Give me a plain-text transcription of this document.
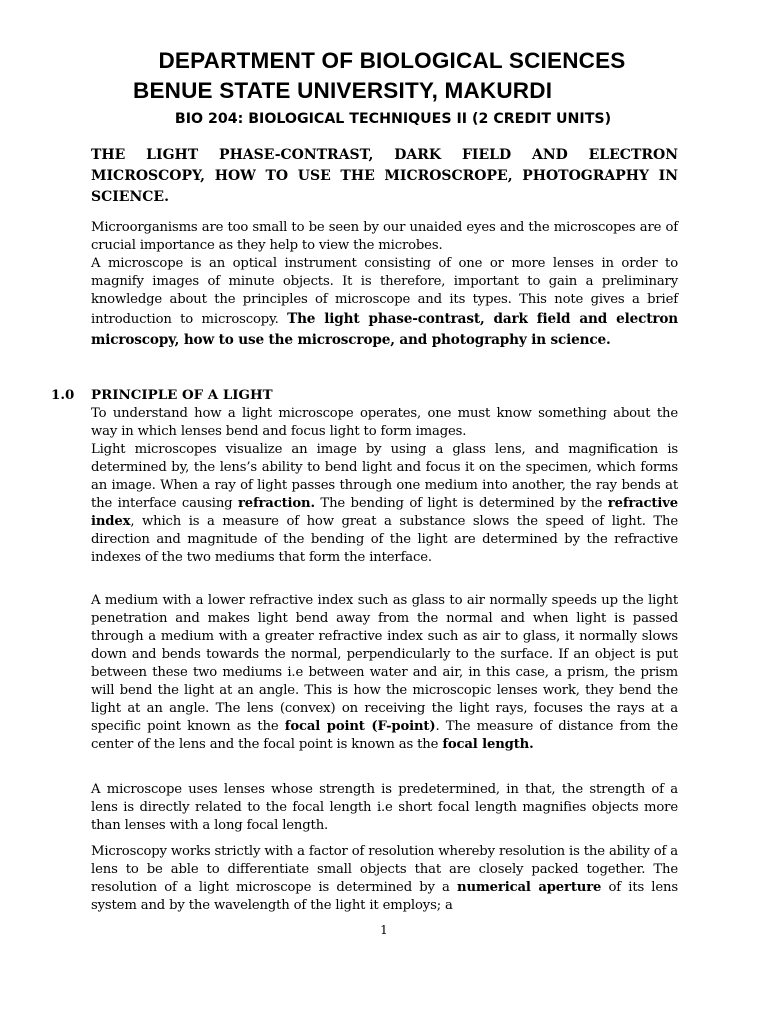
DEPARTMENT OF BIOLOGICAL SCIENCES
BENUE STATE UNIVERSITY, MAKURDI
BIO 204: BIOLOGICAL TECHNIQUES II (2 CREDIT UNITS)
THE LIGHT PHASE-CONTRAST, DARK FIELD AND ELECTRON MICROSCOPY, HOW TO USE THE MICROSCROPE, PHOTOGRAPHY IN SCIENCE.

Microorganisms are too small to be seen by our unaided eyes and the microscopes are of crucial importance as they help to view the microbes.

A microscope is an optical instrument consisting of one or more lenses in order to magnify images of minute objects. It is therefore, important to gain a preliminary knowledge about the principles of microscope and its types. This note gives a brief introduction to microscopy. The light phase-contrast, dark field and electron microscopy, how to use the microscrope, and photography in science.

1.0 PRINCIPLE OF A LIGHT
To understand how a light microscope operates, one must know something about the way in which lenses bend and focus light to form images.
Light microscopes visualize an image by using a glass lens, and magnification is determined by, the lens’s ability to bend light and focus it on the specimen, which forms an image. When a ray of light passes through one medium into another, the ray bends at the interface causing refraction. The bending of light is determined by the refractive index, which is a measure of how great a substance slows the speed of light. The direction and magnitude of the bending of the light are determined by the refractive indexes of the two mediums that form the interface.
A medium with a lower refractive index such as glass to air normally speeds up the light penetration and makes light bend away from the normal and when light is passed through a medium with a greater refractive index such as air to glass, it normally slows down and bends towards the normal, perpendicularly to the surface. If an object is put between these two mediums i.e between water and air, in this case, a prism, the prism will bend the light at an angle. This is how the microscopic lenses work, they bend the light at an angle. The lens (convex) on receiving the light rays, focuses the rays at a specific point known as the focal point (F-point). The measure of distance from the center of the lens and the focal point is known as the focal length.
A microscope uses lenses whose strength is predetermined, in that, the strength of a lens is directly related to the focal length i.e short focal length magnifies objects more than lenses with a long focal length.
Microscopy works strictly with a factor of resolution whereby resolution is the ability of a lens to be able to differentiate small objects that are closely packed together. The resolution of a light microscope is determined by a numerical aperture of its lens system and by the wavelength of the light it employs; a
1
